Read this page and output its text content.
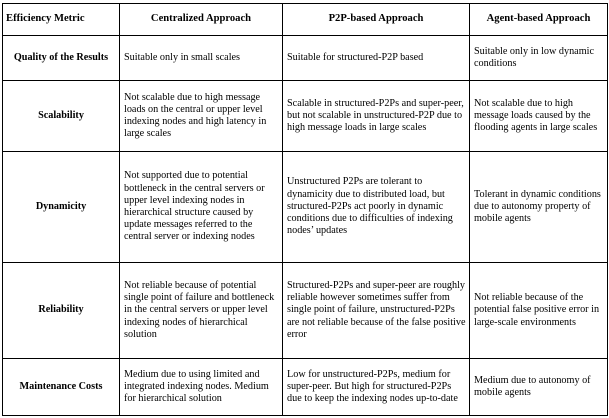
Efficiency Metric	Centralized Approach	P2P-based Approach	Agent-based Approach
Quality of the Results	Suitable only in small scales	Suitable for structured-P2P based	Suitable only in low dynamic conditions
Scalability	Not scalable due to high message loads on the central or upper level indexing nodes and high latency in large scales	Scalable in structured-P2Ps and super-peer, but not scalable in unstructured-P2P due to high message loads in large scales	Not scalable due to high message loads caused by the flooding agents in large scales
Dynamicity	Not supported due to potential bottleneck in the central servers or upper level indexing nodes in hierarchical structure caused by update messages referred to the central server or indexing nodes	Unstructured P2Ps are tolerant to dynamicity due to distributed load, but structured-P2Ps act poorly in dynamic conditions due to difficulties of indexing nodes’ updates	Tolerant in dynamic conditions due to autonomy property of mobile agents
Reliability	Not reliable because of potential single point of failure and bottleneck in the central servers or upper level indexing nodes of hierarchical solution	Structured-P2Ps and super-peer are roughly reliable however sometimes suffer from single point of failure, unstructured-P2Ps are not reliable because of the false positive error	Not reliable because of the potential false positive error in large-scale environments
Maintenance Costs	Medium due to using limited and integrated indexing nodes. Medium for hierarchical solution	Low for unstructured-P2Ps, medium for super-peer. But high for structured-P2Ps due to keep the indexing nodes up-to-date	Medium due to autonomy of mobile agents
